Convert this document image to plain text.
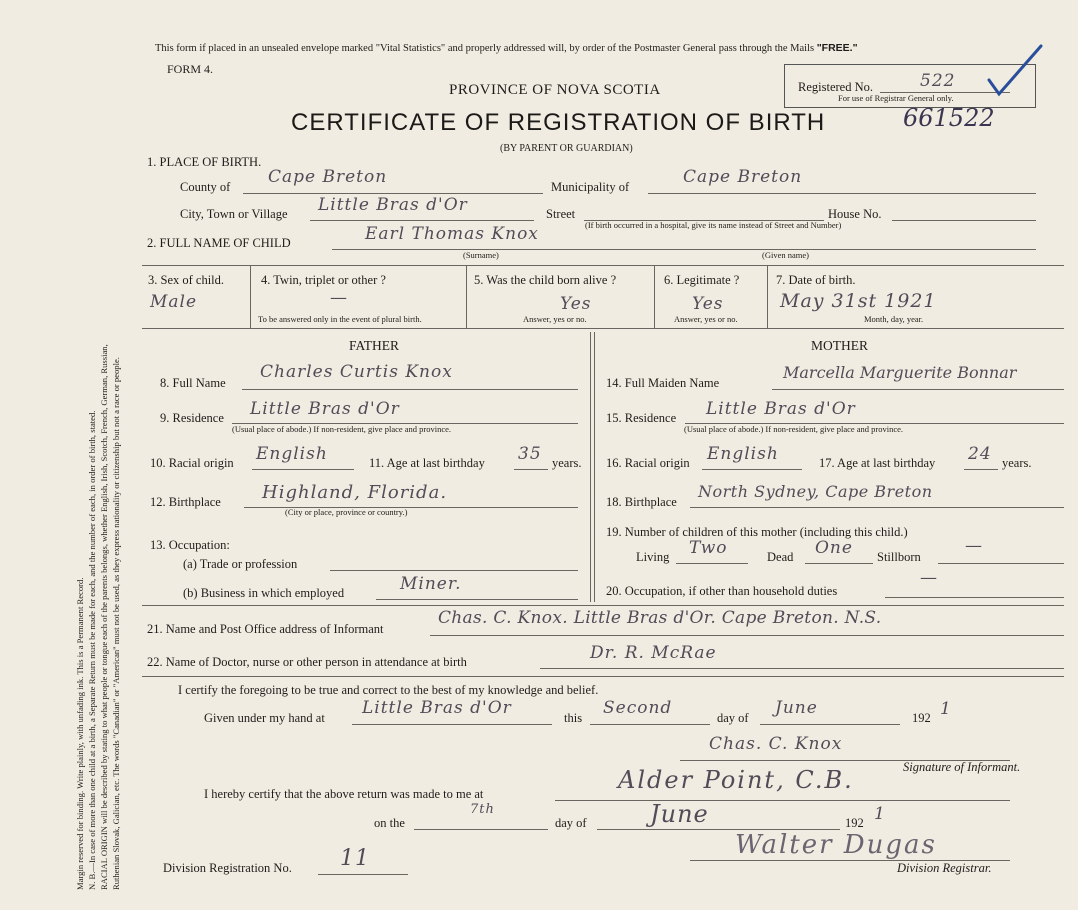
Margin reserved for binding. Write plainly, with unfading ink. This is a Permanent Record. N. B.—In case of more than one child at a birth, a Separate Return must be made for each, and the number of each, in order of birth, stated. RACIAL ORIGIN will be described by stating to what people or tongue each of the parents belongs, whether English, Irish, Scotch, French, German, Russian, Ruthenian Slovak, Galician, etc. The words "Canadian" or "American" must not be used, as they express nationality or citizenship but not a race or people.
This form if placed in an unsealed envelope marked "Vital Statistics" and properly addressed will, by order of the Postmaster General pass through the Mails "FREE."
FORM 4.
PROVINCE OF NOVA SCOTIA	Registered No.	522
For use of Registrar General only.
CERTIFICATE OF REGISTRATION OF BIRTH	661522
(BY PARENT OR GUARDIAN)
1. PLACE OF BIRTH.
County of Cape Breton	Municipality of	Cape Breton
City, Town or Village Little Bras d'Or	Street
(If birth occurred in a hospital, give its name instead of Street and Number)
House No.
2. FULL NAME OF CHILD	Earl Thomas Knox
(Surname)	(Given name)
3. Sex of child.
Male
4. Twin, triplet or other ?
—
To be answered only in the event of plural birth.
5. Was the child born alive ?
Yes
Answer, yes or no.
6. Legitimate ?
Yes
Answer, yes or no.
7. Date of birth.
May 31st 1921
Month, day, year.
FATHER
8. Full Name
Charles Curtis Knox
9. Residence Little Bras d'Or
(Usual place of abode.) If non-resident, give place and province.
10. Racial origin English	11. Age at last birthday 35 years.
12. Birthplace Highland, Florida.
(City or place, province or country.)
13. Occupation:
(a) Trade or profession
(b) Business in which employed	Miner.
MOTHER
14. Full Maiden Name
Marcella Marguerite Bonnar
15. Residence Little Bras d'Or
(Usual place of abode.) If non-resident, give place and province.
16. Racial origin English	17. Age at last birthday 24 years.
18. Birthplace
North Sydney, Cape Breton
19. Number of children of this mother (including this child.)
Living Two	Dead One Stillborn
—
20. Occupation, if other than household duties
—
21. Name and Post Office address of Informant
Chas. C. Knox. Little Bras d'Or. Cape Breton. N.S.
22. Name of Doctor, nurse or other person in attendance at birth	Dr. R. McRae
I certify the foregoing to be true and correct to the best of my knowledge and belief.
Given under my hand at Little Bras d'Or	this Second	day of June	192 1
Chas. C. Knox
Signature of Informant.
I hereby certify that the above return was made to me at	Alder Point, C.B.
on the
7th
day of	June	192 1
Division Registration No. 11	Walter Dugas
Division Registrar.
